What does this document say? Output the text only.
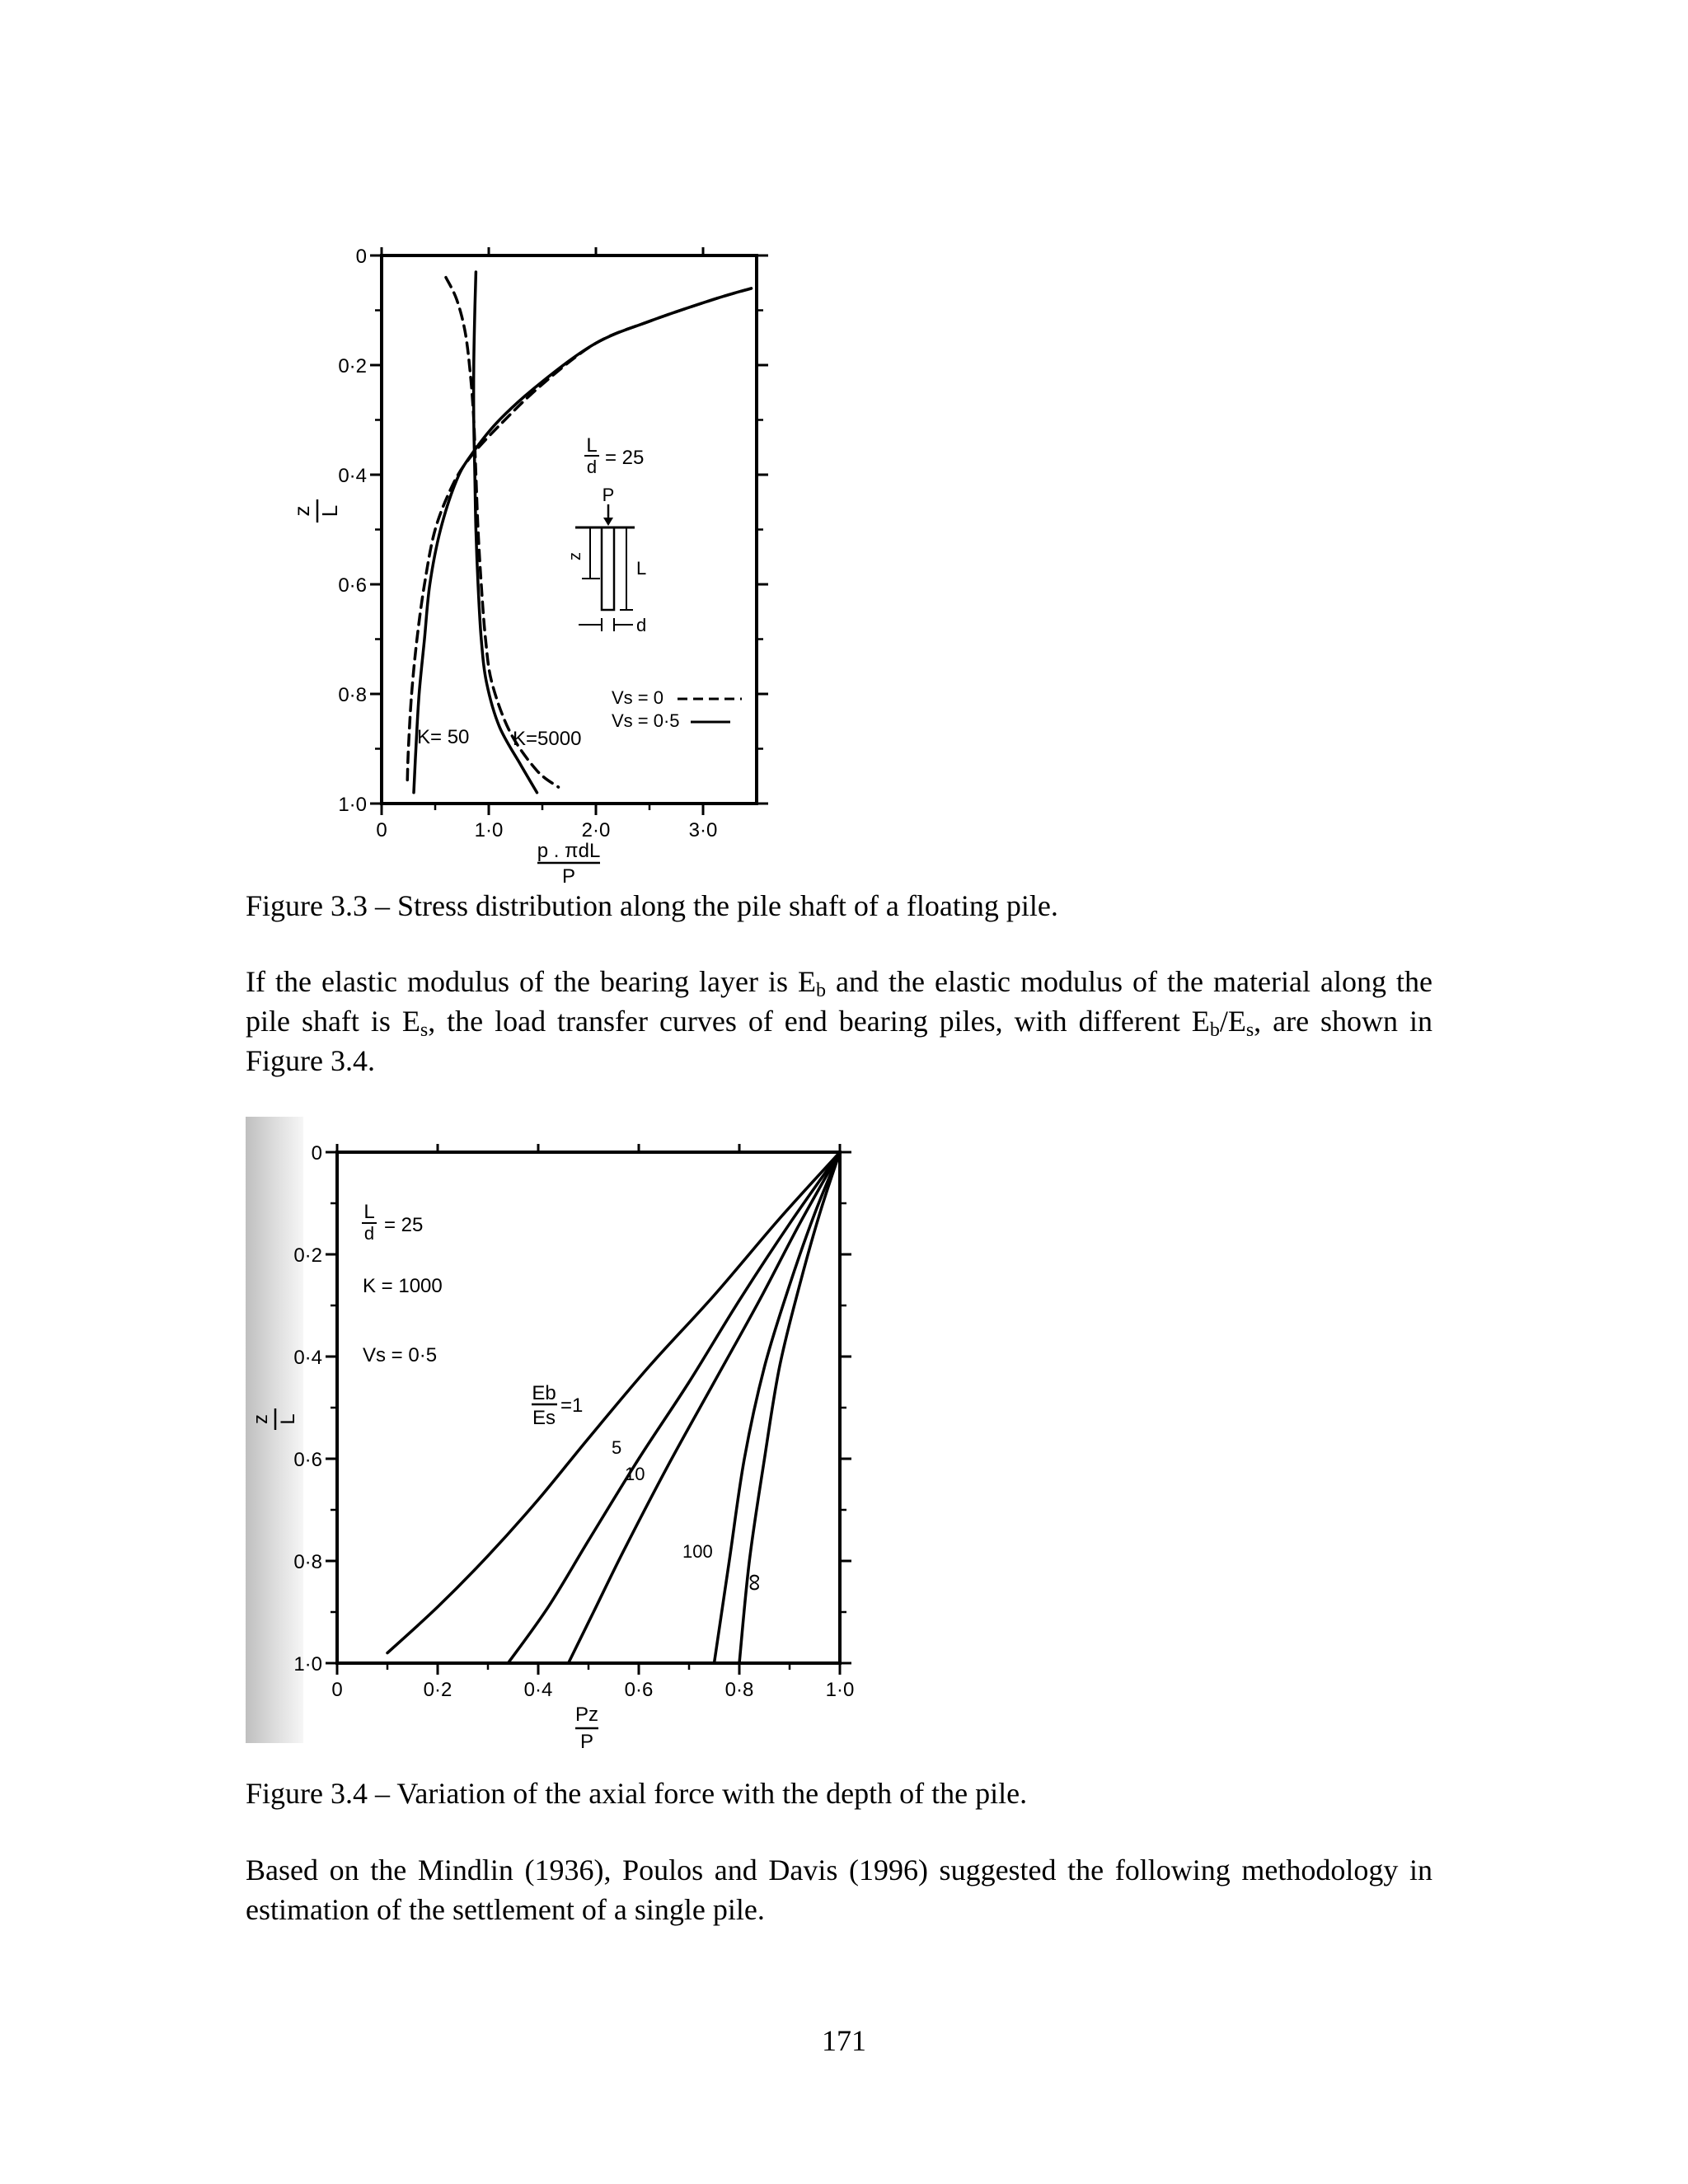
0
0·2
0·4
0·6
0·8
1·0
0	1·0	2·0	3·0
z L
p . πdL
P
L
d = 25
P
z
L
d
K= 50 K=5000
Vs = 0
Vs = 0·5
Figure 3.3 – Stress distribution along the pile shaft of a floating pile.
If the elastic modulus of the bearing layer is $E_b$ and the elastic modulus of the material along the pile shaft is $E_s$, the load transfer curves of end bearing piles, with different $E_b/E_s$, are shown in Figure 3.4.
0
0·2
0·4
0·6
0·8
1·0
0	0·2	0·4	0·6	0·8	1·0
z L
Pz
P
L
d = 25
K = 1000
Vs = 0·5
Eb
Es
=1
5
10
100
∞
Figure 3.4 – Variation of the axial force with the depth of the pile.
Based on the Mindlin (1936), Poulos and Davis (1996) suggested the following methodology in estimation of the settlement of a single pile.
171
